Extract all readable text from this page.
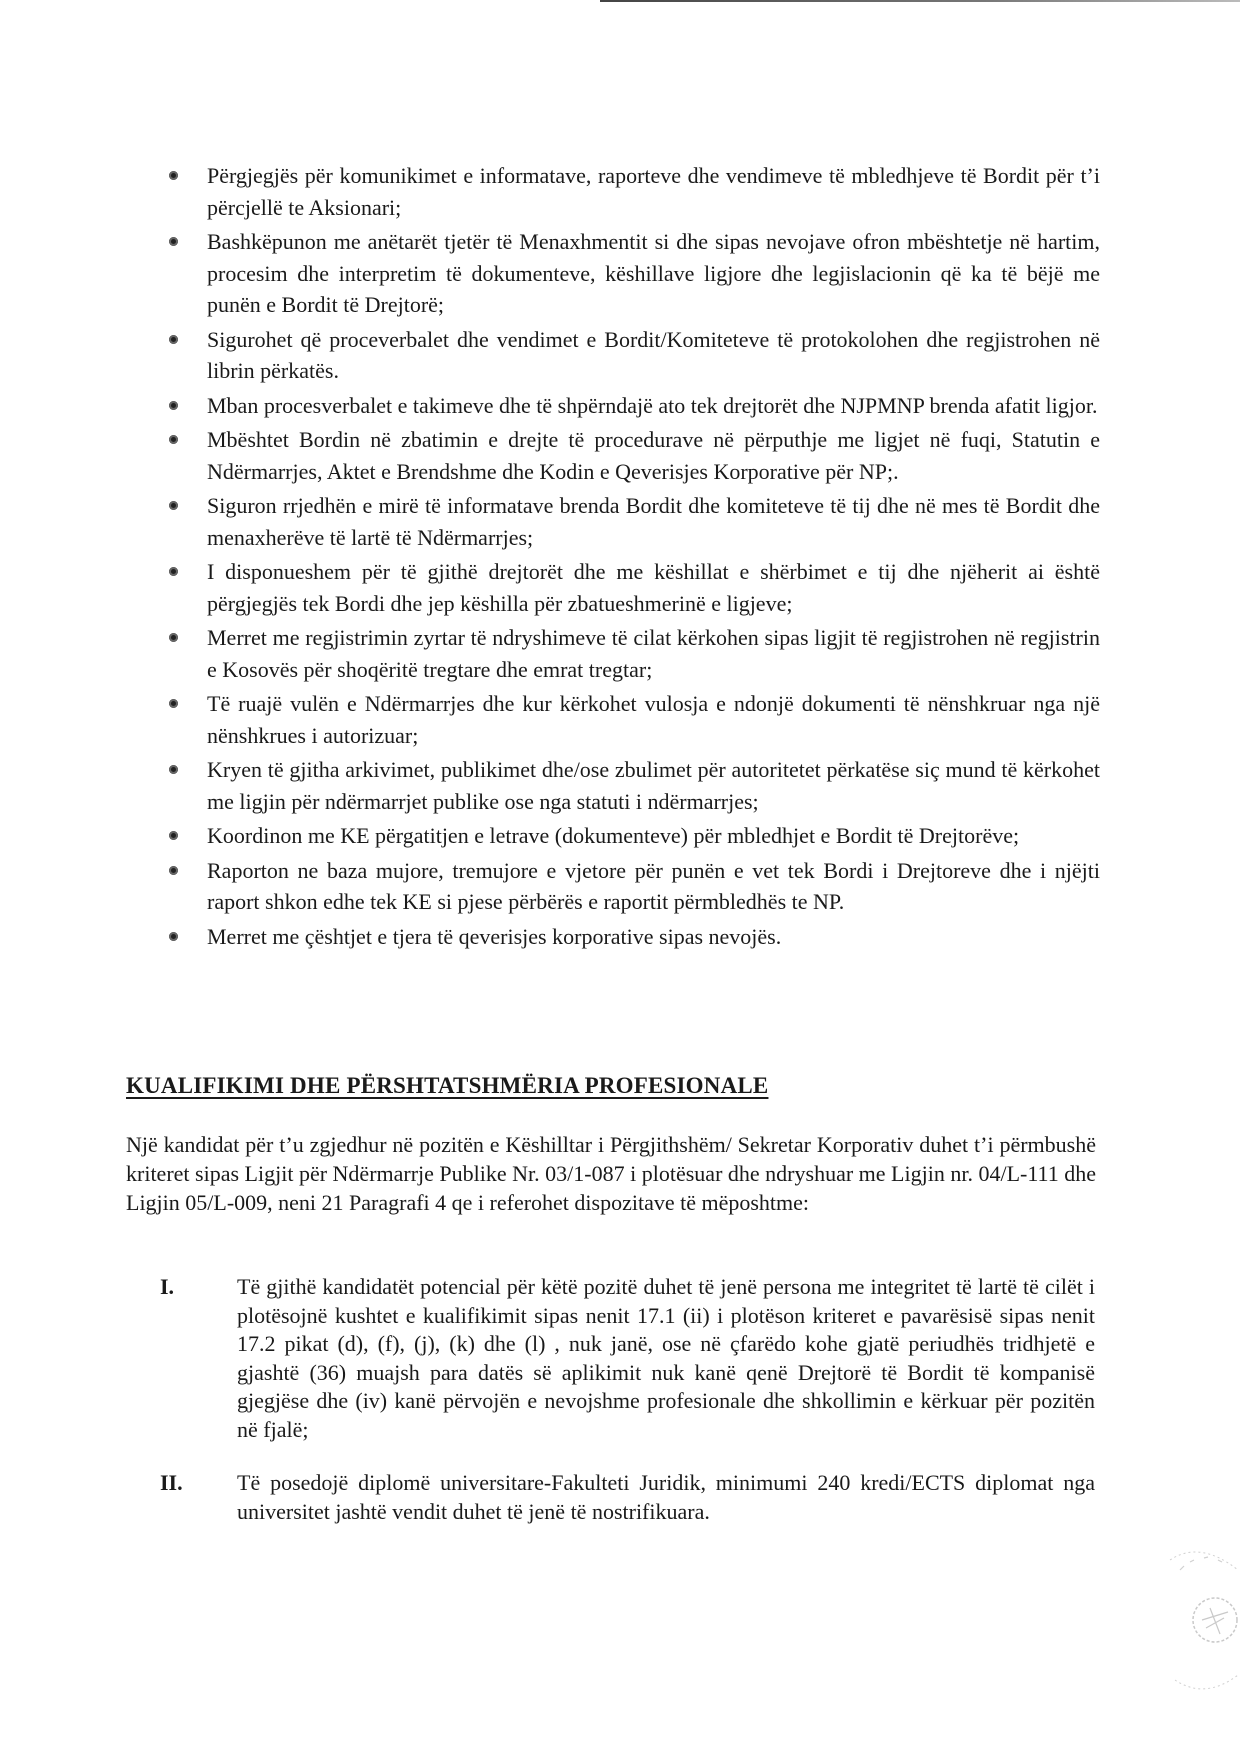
Përgjegjës për komunikimet e informatave, raporteve dhe vendimeve të mbledhjeve të Bordit për t’i përcjellë te Aksionari;
Bashkëpunon me anëtarët tjetër të Menaxhmentit si dhe sipas nevojave ofron mbështetje në hartim, procesim dhe interpretim të dokumenteve, këshillave ligjore dhe legjislacionin që ka të bëjë me punën e Bordit të Drejtorë;
Sigurohet që proceverbalet dhe vendimet e Bordit/Komiteteve të protokolohen dhe regjistrohen në librin përkatës.
Mban procesverbalet e takimeve dhe të shpërndajë ato tek drejtorët dhe NJPMNP brenda afatit ligjor.
Mbështet Bordin në zbatimin e drejte të procedurave në përputhje me ligjet në fuqi, Statutin e Ndërmarrjes, Aktet e Brendshme dhe Kodin e Qeverisjes Korporative për NP;.
Siguron rrjedhën e mirë të informatave brenda Bordit dhe komiteteve të tij dhe në mes të Bordit dhe menaxherëve të lartë të Ndërmarrjes;
I disponueshem për të gjithë drejtorët dhe me këshillat e shërbimet e tij dhe njëherit ai është përgjegjës tek Bordi dhe jep këshilla për zbatueshmerinë e ligjeve;
Merret me regjistrimin zyrtar të ndryshimeve të cilat kërkohen sipas ligjit të regjistrohen në regjistrin e Kosovës për shoqëritë tregtare dhe emrat tregtar;
Të ruajë vulën e Ndërmarrjes dhe kur kërkohet vulosja e ndonjë dokumenti të nënshkruar nga një nënshkrues i autorizuar;
Kryen të gjitha arkivimet, publikimet dhe/ose zbulimet për autoritetet përkatëse siç mund të kërkohet me ligjin për ndërmarrjet publike ose nga statuti i ndërmarrjes;
Koordinon me KE përgatitjen e letrave (dokumenteve) për mbledhjet e Bordit të Drejtorëve;
Raporton ne baza mujore, tremujore e vjetore për punën e vet tek Bordi i Drejtoreve dhe i njëjti raport shkon edhe tek KE si pjese përbërës e raportit përmbledhës te NP.
Merret me çështjet e tjera të qeverisjes korporative sipas nevojës.
KUALIFIKIMI DHE PËRSHTATSHMËRIA PROFESIONALE

Një kandidat për t’u zgjedhur në pozitën e Këshilltar i Përgjithshëm/ Sekretar Korporativ duhet t’i përmbushë kriteret sipas Ligjit për Ndërmarrje Publike Nr. 03/1-087 i plotësuar dhe ndryshuar me Ligjin nr. 04/L-111 dhe Ligjin 05/L-009, neni 21 Paragrafi 4 qe i referohet dispozitave të mëposhtme:

I.	Të gjithë kandidatët potencial për këtë pozitë duhet të jenë persona me integritet të lartë të cilët i plotësojnë kushtet e kualifikimit sipas nenit 17.1 (ii) i plotëson kriteret e pavarësisë sipas nenit 17.2 pikat (d), (f), (j), (k) dhe (l) , nuk janë, ose në çfarëdo kohe gjatë periudhës tridhjetë e gjashtë (36) muajsh para datës së aplikimit nuk kanë qenë Drejtorë të Bordit të kompanisë gjegjëse dhe (iv) kanë përvojën e nevojshme profesionale dhe shkollimin e kërkuar për pozitën në fjalë;
II. Të posedojë diplomë universitare-Fakulteti Juridik, minimumi 240 kredi/ECTS diplomat nga universitet jashtë vendit duhet të jenë të nostrifikuara.
